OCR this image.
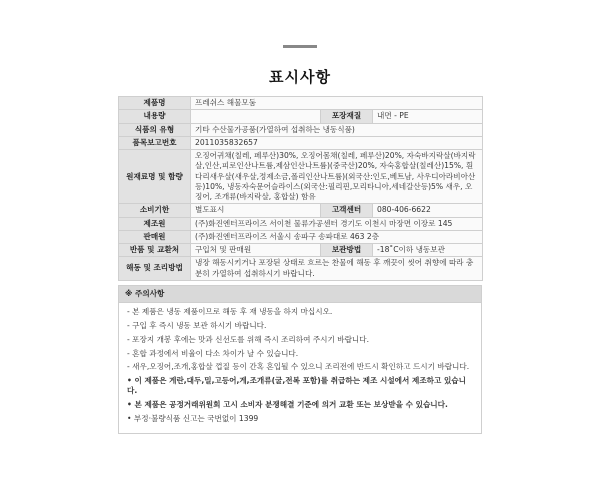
표시사항
제품명	프레쉬스 해물모둠		
내용량		포장재질	내면 - PE
식품의 유형	기타 수산물가공품(가열하여 섭취하는 냉동식품)		
품목보고번호	2011035832657		
원재료명 및 함량	오징어귀채(칠레, 페루산)30%, 오징어몸채(칠레, 페루산)20%, 자숙바지락살(바지락살,인산,피로인산나트륨,제삼인산나트륨)(중국산)20%, 자숙홍합살(칠레산)15%, 흰다리새우살(새우살,정제소금,폴리인산나트륨)(외국산:인도,베트남, 사우디아라비아산등)10%, 냉동자숙문어슬라이스(외국산:필리핀,모리타니아,세네갈산등)5% 새우, 오징어, 조개류(바지락살, 홍합살) 함유		
소비기한	별도표시	고객센터	080-406-6622
제조원	(주)화진엔터프라이즈 서이천 물류가공센터 경기도 이천시 마장면 이장로 145		
판매원	(주)화진엔터프라이즈 서울시 송파구 송파대로 463 2층		
반품 및 교환처	구입처 및 판매원	보관방법	-18˚C이하 냉동보관
해동 및 조리방법	냉장 해동시키거나 포장된 상태로 흐르는 찬물에 해동 후 깨끗이 씻어 취향에 따라 충분히 가열하여 섭취하시기 바랍니다.		
※ 주의사항

- 본 제품은 냉동 제품이므로 해동 후 재 냉동을 하지 마십시오.

- 구입 후 즉시 냉동 보관 하시기 바랍니다.

- 포장지 개봉 후에는 맛과 신선도를 위해 즉시 조리하여 주시기 바랍니다.

- 혼합 과정에서 비율이 다소 차이가 날 수 있습니다.

- 새우,오징어,조개,홍합살 껍질 등이 간혹 혼입될 수 있으니 조리전에 반드시 확인하고 드시기 바랍니다.

• 이 제품은 게란,대두,밀,고등어,게,조개류(굴,전복 포함)를 취급하는 제조 시설에서 제조하고 있습니다.

• 본 제품은 공정거래위원회 고시 소비자 분쟁해결 기준에 의거 교환 또는 보상받을 수 있습니다.

• 부정·불량식품 신고는 국번없이 1399
